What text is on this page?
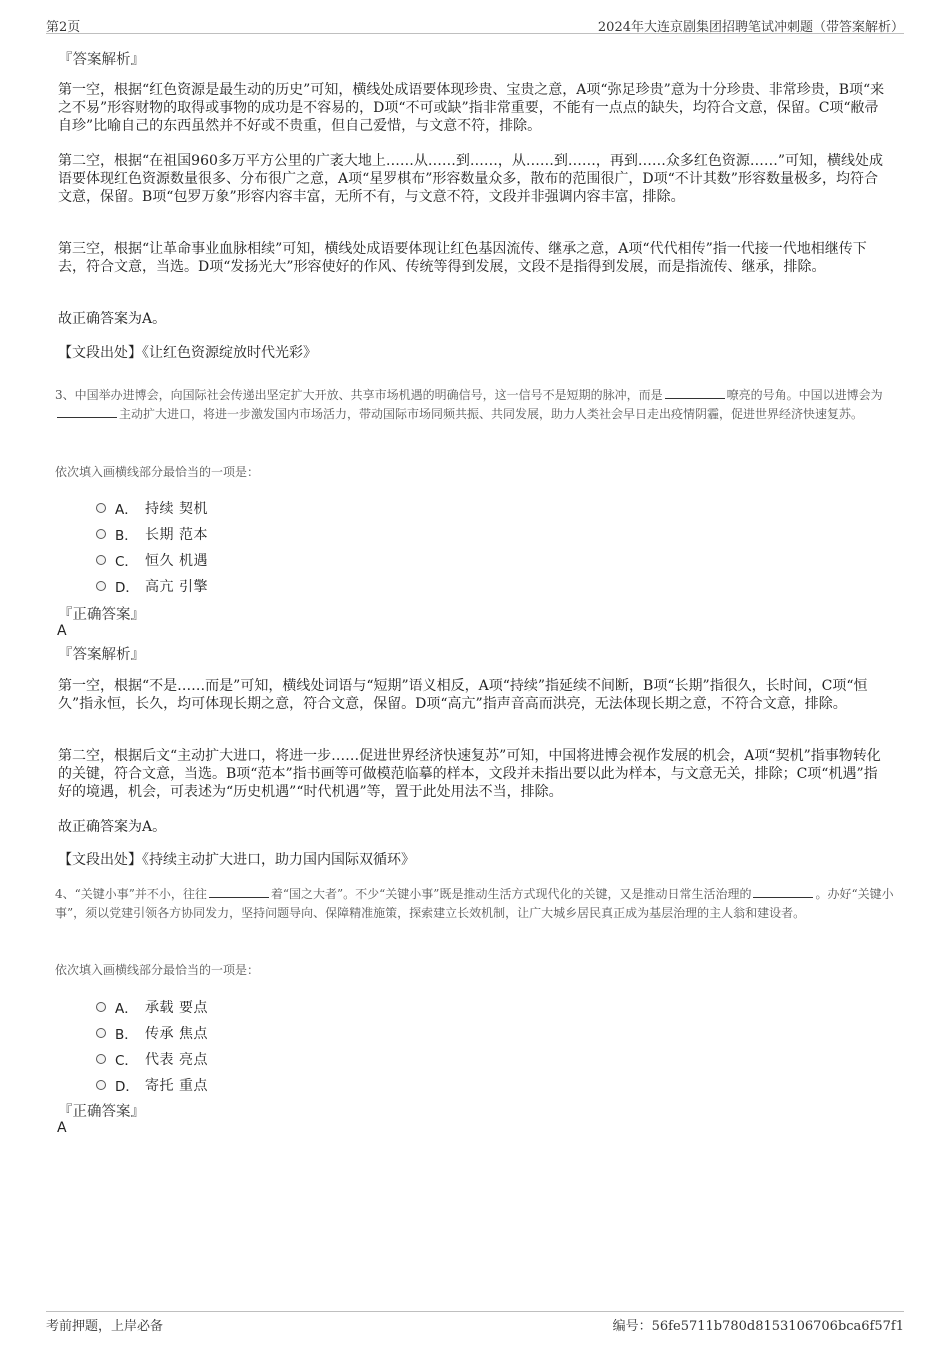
第2页	2024年大连京剧集团招聘笔试冲刺题（带答案解析）
『答案解析』

第一空，根据“红色资源是最生动的历史”可知，横线处成语要体现珍贵、宝贵之意，A项“弥足珍贵”意为十分珍贵、非常珍贵，B项“来之不易”形容财物的取得或事物的成功是不容易的，D项“不可或缺”指非常重要，不能有一点点的缺失，均符合文意，保留。C项“敝帚自珍”比喻自己的东西虽然并不好或不贵重，但自己爱惜，与文意不符，排除。

第二空，根据“在祖国960多万平方公里的广袤大地上……从……到……，从……到……，再到……众多红色资源……”可知，横线处成语要体现红色资源数量很多、分布很广之意，A项“星罗棋布”形容数量众多，散布的范围很广，D项“不计其数”形容数量极多，均符合文意，保留。B项“包罗万象”形容内容丰富，无所不有，与文意不符，文段并非强调内容丰富，排除。

第三空，根据“让革命事业血脉相续”可知，横线处成语要体现让红色基因流传、继承之意，A项“代代相传”指一代接一代地相继传下去，符合文意，当选。D项“发扬光大”形容使好的作风、传统等得到发展，文段不是指得到发展，而是指流传、继承，排除。

故正确答案为A。

【文段出处】《让红色资源绽放时代光彩》

3、中国举办进博会，向国际社会传递出坚定扩大开放、共享市场机遇的明确信号，这一信号不是短期的脉冲，而是	嘹亮的号角。中国以进博会为主动扩大进口，将进一步激发国内市场活力，带动国际市场同频共振、共同发展，助力人类社会早日走出疫情阴霾，促进世界经济快速复苏。
依次填入画横线部分最恰当的一项是：
A． 持续 契机
B． 长期 范本
C． 恒久 机遇
D． 高亢 引擎
『正确答案』
A
『答案解析』

第一空，根据“不是……而是”可知，横线处词语与“短期”语义相反，A项“持续”指延续不间断，B项“长期”指很久，长时间，C项“恒久”指永恒，长久，均可体现长期之意，符合文意，保留。D项“高亢”指声音高而洪亮，无法体现长期之意，不符合文意，排除。

第二空，根据后文“主动扩大进口，将进一步……促进世界经济快速复苏”可知，中国将进博会视作发展的机会，A项“契机”指事物转化的关键，符合文意，当选。B项“范本”指书画等可做模范临摹的样本，文段并未指出要以此为样本，与文意无关，排除；C项“机遇”指好的境遇，机会，可表述为“历史机遇”“时代机遇”等，置于此处用法不当，排除。

故正确答案为A。

【文段出处】《持续主动扩大进口，助力国内国际双循环》

4、“关键小事”并不小，往往	着“国之大者”。不少“关键小事”既是推动生活方式现代化的关键，又是推动日常生活治理的	。办好“关键小事”，须以党建引领各方协同发力，坚持问题导向、保障精准施策，探索建立长效机制，让广大城乡居民真正成为基层治理的主人翁和建设者。
依次填入画横线部分最恰当的一项是：
A． 承载 要点
B． 传承 焦点
C． 代表 亮点
D． 寄托 重点
『正确答案』
A
考前押题，上岸必备	编号：56fe5711b780d8153106706bca6f57f1
